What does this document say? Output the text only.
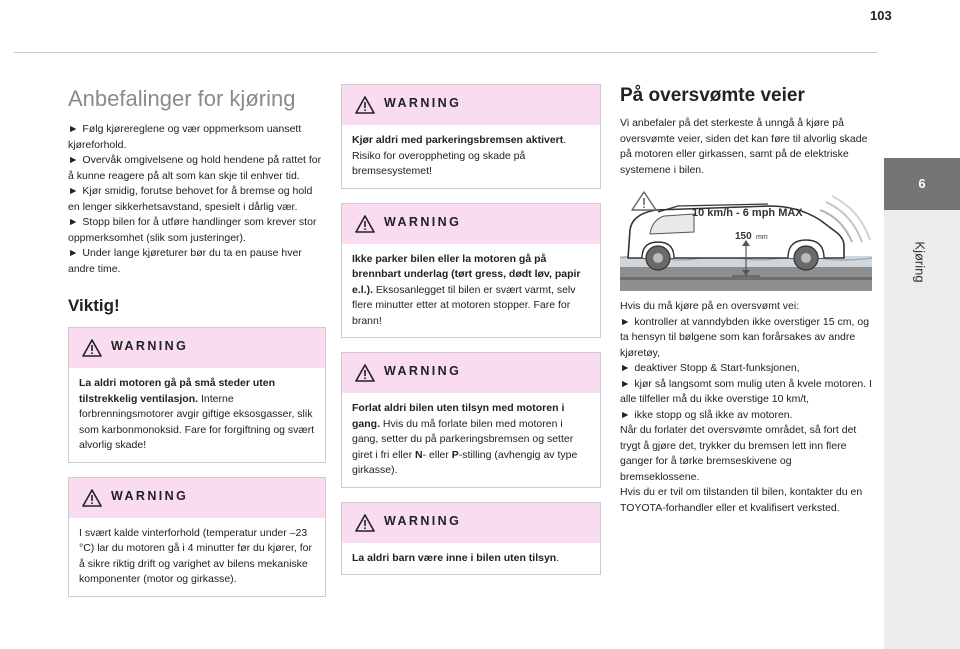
103
6
Kjøring
Anbefalinger for kjøring

► Følg kjørereglene og vær oppmerksom uansett kjøreforhold.

► Overvåk omgivelsene og hold hendene på rattet for å kunne reagere på alt som kan skje til enhver tid.

► Kjør smidig, forutse behovet for å bremse og hold en lenger sikkerhetsavstand, spesielt i dårlig vær.

► Stopp bilen for å utføre handlinger som krever stor oppmerksomhet (slik som justeringer).

► Under lange kjøreturer bør du ta en pause hver andre time.

Viktig!
WARNING

La aldri motoren gå på små steder uten tilstrekkelig ventilasjon. Interne forbrenningsmotorer avgir giftige eksosgasser, slik som karbonmonoksid. Fare for forgiftning og svært alvorlig skade!

WARNING

I svært kalde vinterforhold (temperatur under –23 °C) lar du motoren gå i 4 minutter før du kjører, for å sikre riktig drift og varighet av bilens mekaniske komponenter (motor og girkasse).

WARNING

Kjør aldri med parkeringsbremsen aktivert. Risiko for overoppheting og skade på bremsesystemet!

WARNING

Ikke parker bilen eller la motoren gå på brennbart underlag (tørt gress, dødt løv, papir e.l.). Eksosanlegget til bilen er svært varmt, selv flere minutter etter at motoren stopper. Fare for brann!

WARNING

Forlat aldri bilen uten tilsyn med motoren i gang. Hvis du må forlate bilen med motoren i gang, setter du på parkeringsbremsen og setter giret i fri eller N- eller P-stilling (avhengig av type girkasse).

WARNING

La aldri barn være inne i bilen uten tilsyn.

På oversvømte veier

Vi anbefaler på det sterkeste å unngå å kjøre på oversvømte veier, siden det kan føre til alvorlig skade på motoren eller girkassen, samt på de elektriske systemene i bilen.

10 km/h - 6 mph MAX
150 mm

Hvis du må kjøre på en oversvømt vei:

► kontroller at vanndybden ikke overstiger 15 cm, og ta hensyn til bølgene som kan forårsakes av andre kjøretøy,

► deaktiver Stopp & Start-funksjonen,

► kjør så langsomt som mulig uten å kvele motoren. I alle tilfeller må du ikke overstige 10 km/t,

► ikke stopp og slå ikke av motoren.

Når du forlater det oversvømte området, så fort det trygt å gjøre det, trykker du bremsen lett inn flere ganger for å tørke bremseskivene og bremseklossene.

Hvis du er tvil om tilstanden til bilen, kontakter du en TOYOTA-forhandler eller et kvalifisert verksted.
